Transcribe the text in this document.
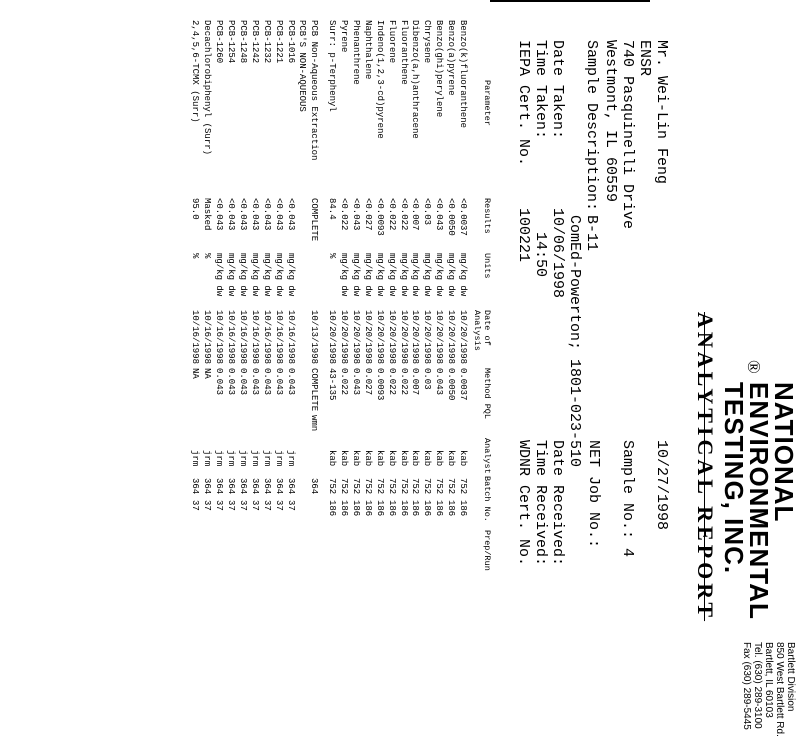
®
NATIONAL
ENVIRONMENTAL
TESTING, INC.
Bartlett Division
850 West Bartlett Rd.
Bartlett, IL 60103
Tel. (630) 289-3100
Fax (630) 289-5445
ANALYTICAL REPORT
Mr. Wei-Lin Feng
ENSR
740 Pasquinelli Drive
Westmont, IL 60559
10/27/1998
Sample No.: 4
NET Job No.:
Sample Description:
B-11
ComEd-Powerton; 1801-023-510
Date Taken:
Time Taken:
IEPA Cert. No.
10/06/1998
14:50
100221
Date Received:
Time Received:
WDNR Cert. No.
Parameter
Results
Units
Date of Analysis
Method PQL
Analyst
Batch No.
Prep/Run
Benzo(k)fluoranthene
<0.0037
mg/kg dw
10/20/1998
0.0037
kab
752
186
Benzo(a)pyrene
<0.0050
mg/kg dw
10/20/1998
0.0050
kab
752
186
Benzo(ghi)perylene
<0.043
mg/kg dw
10/20/1998
0.043
kab
752
186
Chrysene
<0.03
mg/kg dw
10/20/1998
0.03
kab
752
186
Dibenzo(a,h)anthracene
<0.007
mg/kg dw
10/20/1998
0.007
kab
752
186
Fluoranthene
<0.022
mg/kg dw
10/20/1998
0.022
kab
752
186
Fluorene
<0.022
mg/kg dw
10/20/1998
0.022
kab
752
186
Indeno(1,2,3-cd)pyrene
<0.0093
mg/kg dw
10/20/1998
0.0093
kab
752
186
Naphthalene
<0.027
mg/kg dw
10/20/1998
0.027
kab
752
186
Phenanthrene
<0.043
mg/kg dw
10/20/1998
0.043
kab
752
186
Pyrene
<0.022
mg/kg dw
10/20/1998
0.022
kab
752
186
Surr: p-Terphenyl
84.4
%
10/20/1998
43-135
kab
752
186
PCB Non-Aqueous Extraction
COMPLETE
10/13/1998
COMPLETE
364
wmn
PCB'S NON-AQUEOUS
PCB-1016
<0.043
mg/kg dw
10/16/1998
0.043
jrm
364
37
PCB-1221
<0.043
mg/kg dw
10/16/1998
0.043
jrm
364
37
PCB-1232
<0.043
mg/kg dw
10/16/1998
0.043
jrm
364
37
PCB-1242
<0.043
mg/kg dw
10/16/1998
0.043
jrm
364
37
PCB-1248
<0.043
mg/kg dw
10/16/1998
0.043
jrm
364
37
PCB-1254
<0.043
mg/kg dw
10/16/1998
0.043
jrm
364
37
PCB-1260
<0.043
mg/kg dw
10/16/1998
0.043
jrm
364
37
Decachlorobiphenyl (Surr)
Masked
%
10/16/1998
NA
jrm
364
37
2,4,5,6-TCMX (Surr)
95.0
%
10/16/1998
NA
jrm
364
37
